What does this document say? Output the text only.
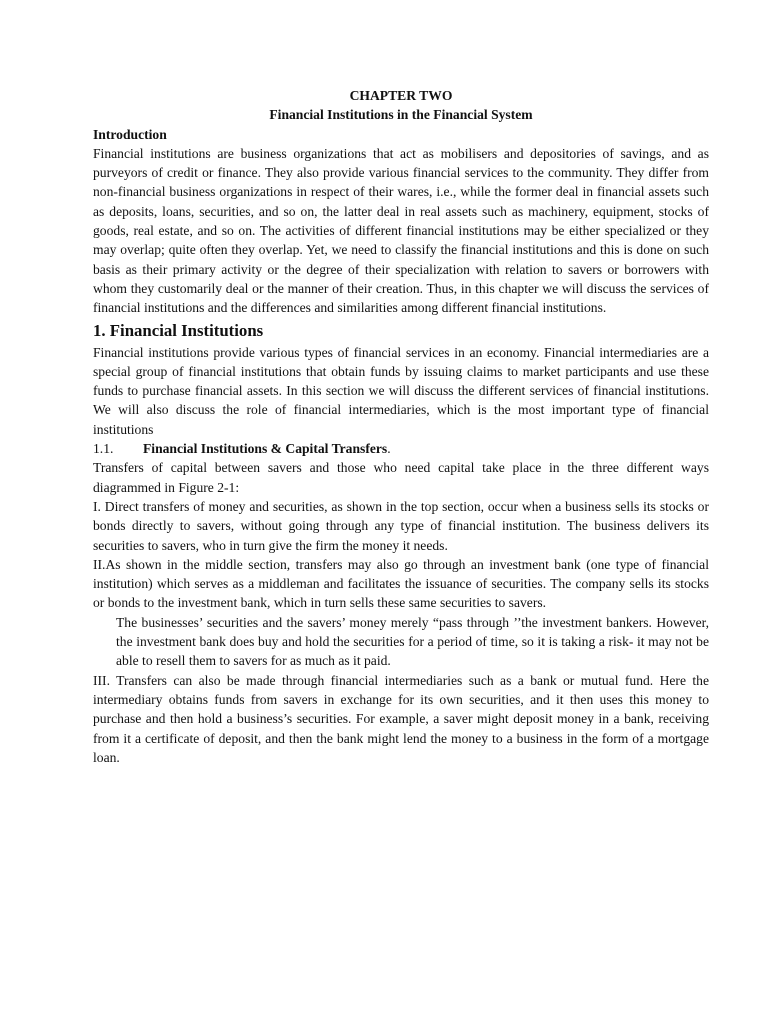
CHAPTER TWO
Financial Institutions in the Financial System
Introduction

Financial institutions are business organizations that act as mobilisers and depositories of savings, and as purveyors of credit or finance. They also provide various financial services to the community. They differ from non-financial business organizations in respect of their wares, i.e., while the former deal in financial assets such as deposits, loans, securities, and so on, the latter deal in real assets such as machinery, equipment, stocks of goods, real estate, and so on. The activities of different financial institutions may be either specialized or they may overlap; quite often they overlap. Yet, we need to classify the financial institutions and this is done on such basis as their primary activity or the degree of their specialization with relation to savers or borrowers with whom they customarily deal or the manner of their creation. Thus, in this chapter we will discuss the services of financial institutions and the differences and similarities among different financial institutions.

1. Financial Institutions

Financial institutions provide various types of financial services in an economy. Financial intermediaries are a special group of financial institutions that obtain funds by issuing claims to market participants and use these funds to purchase financial assets. In this section we will discuss the different services of financial institutions. We will also discuss the role of financial intermediaries, which is the most important type of financial institutions

1.1. Financial Institutions & Capital Transfers.

Transfers of capital between savers and those who need capital take place in the three different ways diagrammed in Figure 2-1:

I. Direct transfers of money and securities, as shown in the top section, occur when a business sells its stocks or bonds directly to savers, without going through any type of financial institution. The business delivers its securities to savers, who in turn give the firm the money it needs.

II.As shown in the middle section, transfers may also go through an investment bank (one type of financial institution) which serves as a middleman and facilitates the issuance of securities. The company sells its stocks or bonds to the investment bank, which in turn sells these same securities to savers.

The businesses’ securities and the savers’ money merely “pass through ’’the investment bankers. However, the investment bank does buy and hold the securities for a period of time, so it is taking a risk- it may not be able to resell them to savers for as much as it paid.

III. Transfers can also be made through financial intermediaries such as a bank or mutual fund. Here the intermediary obtains funds from savers in exchange for its own securities, and it then uses this money to purchase and then hold a business’s securities. For example, a saver might deposit money in a bank, receiving from it a certificate of deposit, and then the bank might lend the money to a business in the form of a mortgage loan.
